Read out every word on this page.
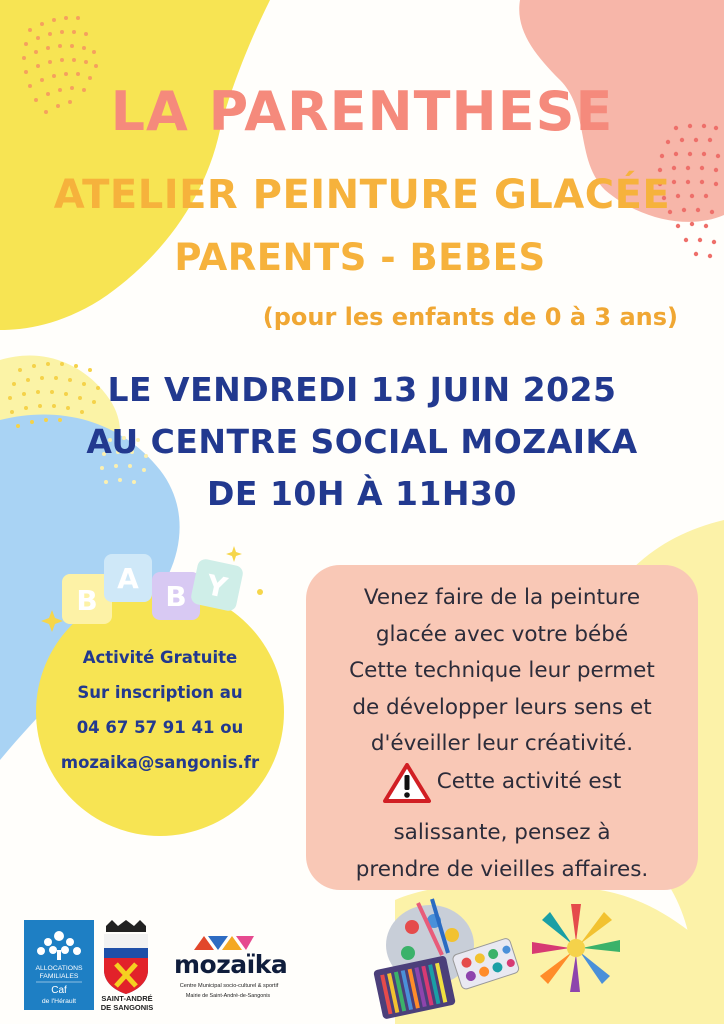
LA PARENTHESE
ATELIER PEINTURE GLACÉE
PARENTS - BEBES
(pour les enfants de 0 à 3 ans)
LE VENDREDI 13 JUIN 2025
AU CENTRE SOCIAL MOZAIKA
DE 10H À 11H30
B
A
B Y
Activité Gratuite
Sur inscription au
04 67 57 91 41 ou
mozaika@sangonis.fr
Venez faire de la peinture
glacée avec votre bébé
Cette technique leur permet
de développer leurs sens et
d'éveiller leur créativité.
Cette activité est
salissante, pensez à
prendre de vieilles affaires.
ALLOCATIONS
FAMILIALES
Caf
de l'Hérault	SAINT-ANDRÉ
DE SANGONIS
mozaïka
Centre Municipal socio-culturel & sportif
Mairie de Saint-André-de-Sangonis
